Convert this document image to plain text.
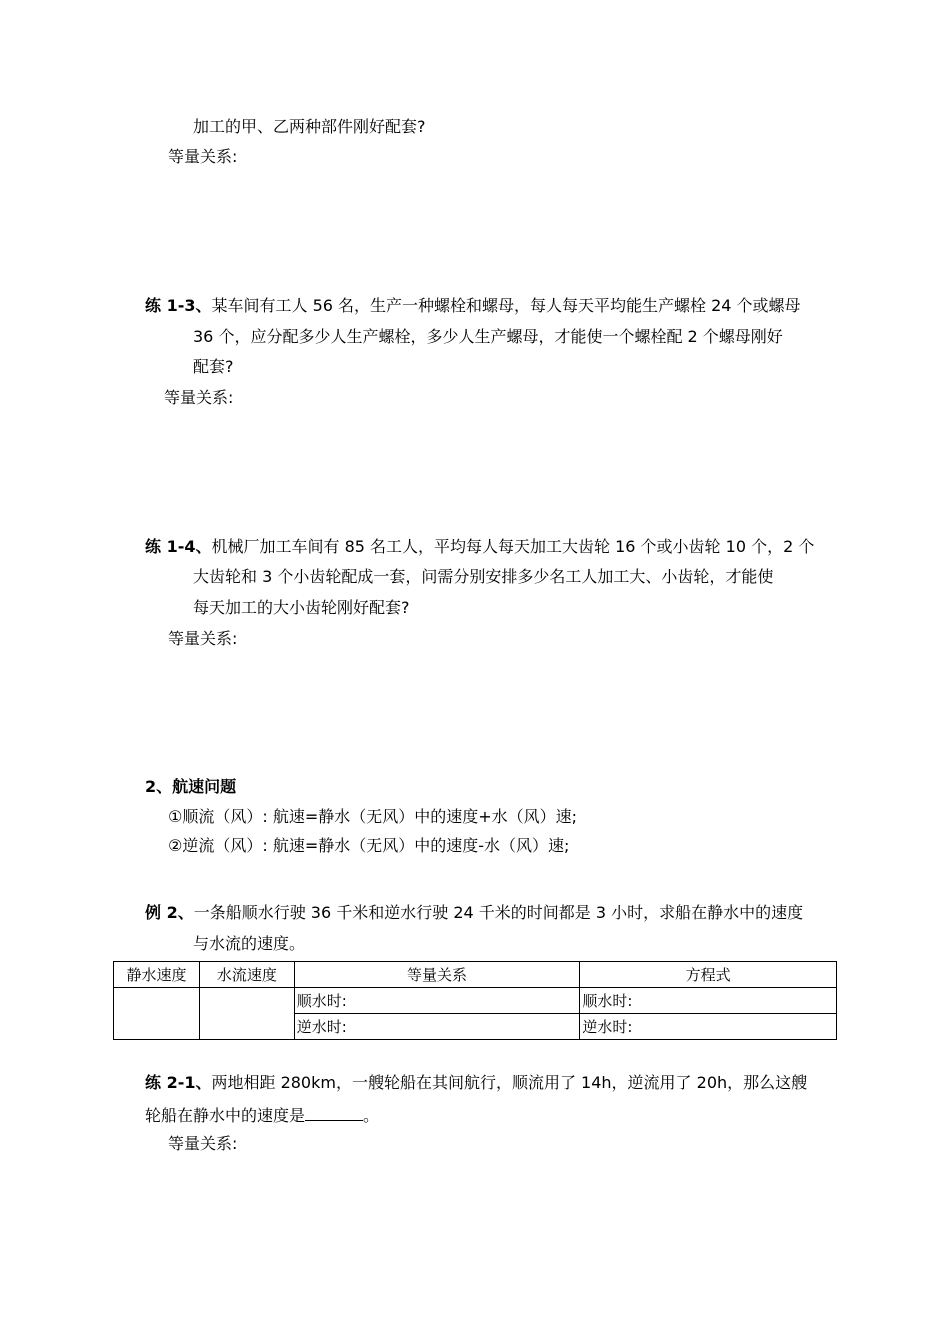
加工的甲、乙两种部件刚好配套?
等量关系:
练 1-3、某车间有工人 56 名，生产一种螺栓和螺母，每人每天平均能生产螺栓 24 个或螺母
36 个，应分配多少人生产螺栓，多少人生产螺母，才能使一个螺栓配 2 个螺母刚好
配套?
等量关系:
练 1-4、机械厂加工车间有 85 名工人，平均每人每天加工大齿轮 16 个或小齿轮 10 个，2 个
大齿轮和 3 个小齿轮配成一套，问需分别安排多少名工人加工大、小齿轮，才能使
每天加工的大小齿轮刚好配套?
等量关系:
2、航速问题
①顺流（风）: 航速=静水（无风）中的速度+水（风）速;
②逆流（风）: 航速=静水（无风）中的速度-水（风）速;
例 2、一条船顺水行驶 36 千米和逆水行驶 24 千米的时间都是 3 小时，求船在静水中的速度
与水流的速度。
静水速度	水流速度	等量关系	方程式
		顺水时:	顺水时:
		逆水时:	逆水时:
练 2-1、两地相距 280km，一艘轮船在其间航行，顺流用了 14h，逆流用了 20h，那么这艘
轮船在静水中的速度是	。
等量关系:
